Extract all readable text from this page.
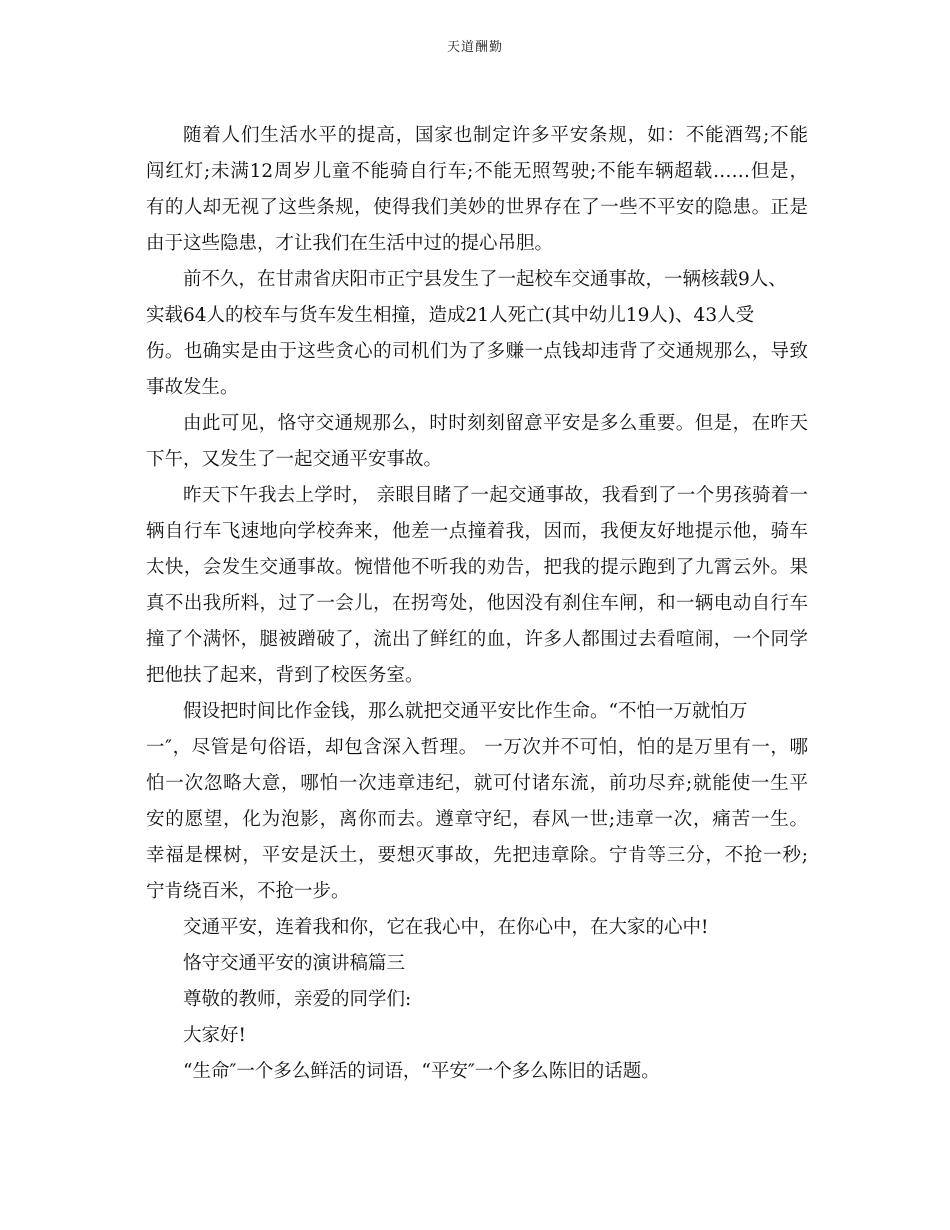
天道酬勤

随着人们生活水平的提高，国家也制定许多平安条规，如：不能酒驾;不能

闯红灯;未满12周岁儿童不能骑自行车;不能无照驾驶;不能车辆超载……但是，

有的人却无视了这些条规，使得我们美妙的世界存在了一些不平安的隐患。正是

由于这些隐患，才让我们在生活中过的提心吊胆。

前不久，在甘肃省庆阳市正宁县发生了一起校车交通事故，一辆核载9人、

实载64人的校车与货车发生相撞，造成21人死亡(其中幼儿19人)、43人受

伤。也确实是由于这些贪心的司机们为了多赚一点钱却违背了交通规那么，导致

事故发生。

由此可见，恪守交通规那么，时时刻刻留意平安是多么重要。但是，在昨天

下午，又发生了一起交通平安事故。

昨天下午我去上学时， 亲眼目睹了一起交通事故，我看到了一个男孩骑着一

辆自行车飞速地向学校奔来，他差一点撞着我，因而，我便友好地提示他，骑车

太快，会发生交通事故。惋惜他不听我的劝告，把我的提示跑到了九霄云外。果

真不出我所料，过了一会儿，在拐弯处，他因没有刹住车闸，和一辆电动自行车

撞了个满怀，腿被蹭破了，流出了鲜红的血，许多人都围过去看喧闹，一个同学

把他扶了起来，背到了校医务室。

假设把时间比作金钱，那么就把交通平安比作生命。“不怕一万就怕万

一″，尽管是句俗语，却包含深入哲理。 一万次并不可怕，怕的是万里有一，哪

怕一次忽略大意，哪怕一次违章违纪，就可付诸东流，前功尽弃;就能使一生平

安的愿望，化为泡影，离你而去。遵章守纪，春风一世;违章一次，痛苦一生。

幸福是棵树，平安是沃土，要想灭事故，先把违章除。宁肯等三分，不抢一秒;

宁肯绕百米，不抢一步。

交通平安，连着我和你，它在我心中，在你心中，在大家的心中!

恪守交通平安的演讲稿篇三

尊敬的教师，亲爱的同学们:

大家好!

“生命″一个多么鲜活的词语，“平安″一个多么陈旧的话题。
